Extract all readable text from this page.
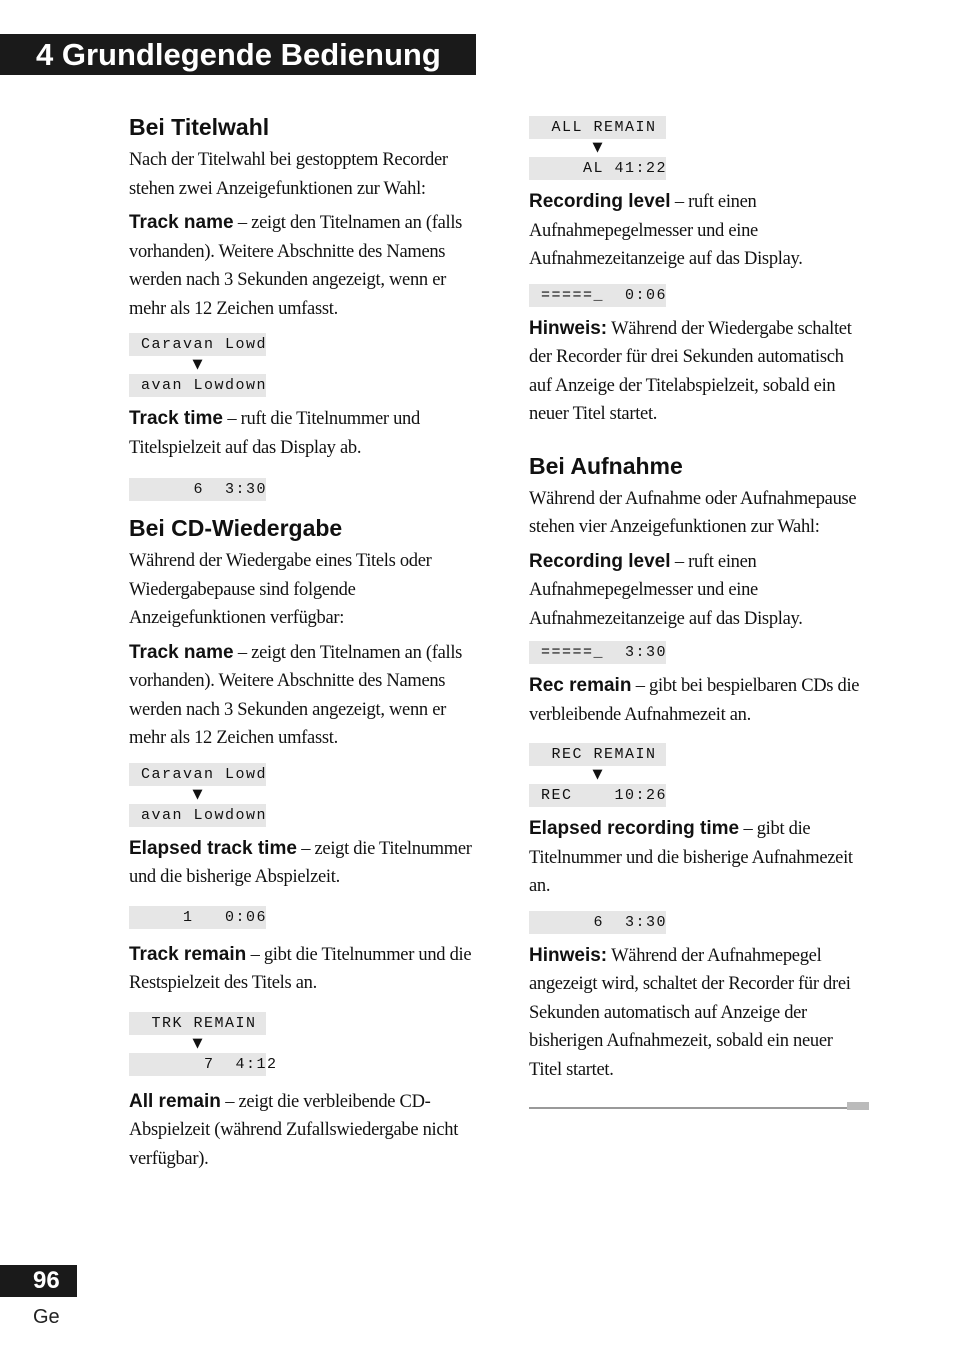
4 Grundlegende Bedienung
Bei Titelwahl

Nach der Titelwahl bei gestopptem Recorder stehen zwei Anzeigefunktionen zur Wahl:

Track name – zeigt den Titelnamen an (falls vorhanden). Weitere Abschnitte des Namens werden nach 3 Sekunden angezeigt, wenn er mehr als 12 Zeichen umfasst.

Caravan Lowd
▼
avan Lowdown

Track time – ruft die Titelnummer und Titelspielzeit auf das Display ab.

6  3:30
Bei CD-Wiedergabe

Während der Wiedergabe eines Titels oder Wiedergabepause sind folgende Anzeigefunktionen verfügbar:

Track name – zeigt den Titelnamen an (falls vorhanden). Weitere Abschnitte des Namens werden nach 3 Sekunden angezeigt, wenn er mehr als 12 Zeichen umfasst.

Caravan Lowd
▼
avan Lowdown

Elapsed track time – zeigt die Titelnummer und die bisherige Abspielzeit.

1   0:06

Track remain – gibt die Titelnummer und die Restspielzeit des Titels an.

TRK REMAIN
▼
7  4:12

All remain – zeigt die verbleibende CD-Abspielzeit (während Zufallswiedergabe nicht verfügbar).

ALL REMAIN
▼
AL 41:22

Recording level – ruft einen Aufnahmepegelmesser und eine Aufnahmezeitanzeige auf das Display.

=====_  0:06

Hinweis: Während der Wiedergabe schaltet der Recorder für drei Sekunden automatisch auf Anzeige der Titelabspielzeit, sobald ein neuer Titel startet.

Bei Aufnahme

Während der Aufnahme oder Aufnahmepause stehen vier Anzeigefunktionen zur Wahl:

Recording level – ruft einen Aufnahmepegelmesser und eine Aufnahmezeitanzeige auf das Display.

=====_  3:30

Rec remain – gibt bei bespielbaren CDs die verbleibende Aufnahmezeit an.

REC REMAIN
▼
REC    10:26

Elapsed recording time – gibt die Titelnummer und die bisherige Aufnahmezeit an.

6  3:30

Hinweis: Während der Aufnahmepegel angezeigt wird, schaltet der Recorder für drei Sekunden automatisch auf Anzeige der bisherigen Aufnahmezeit, sobald ein neuer Titel startet.

96
Ge
